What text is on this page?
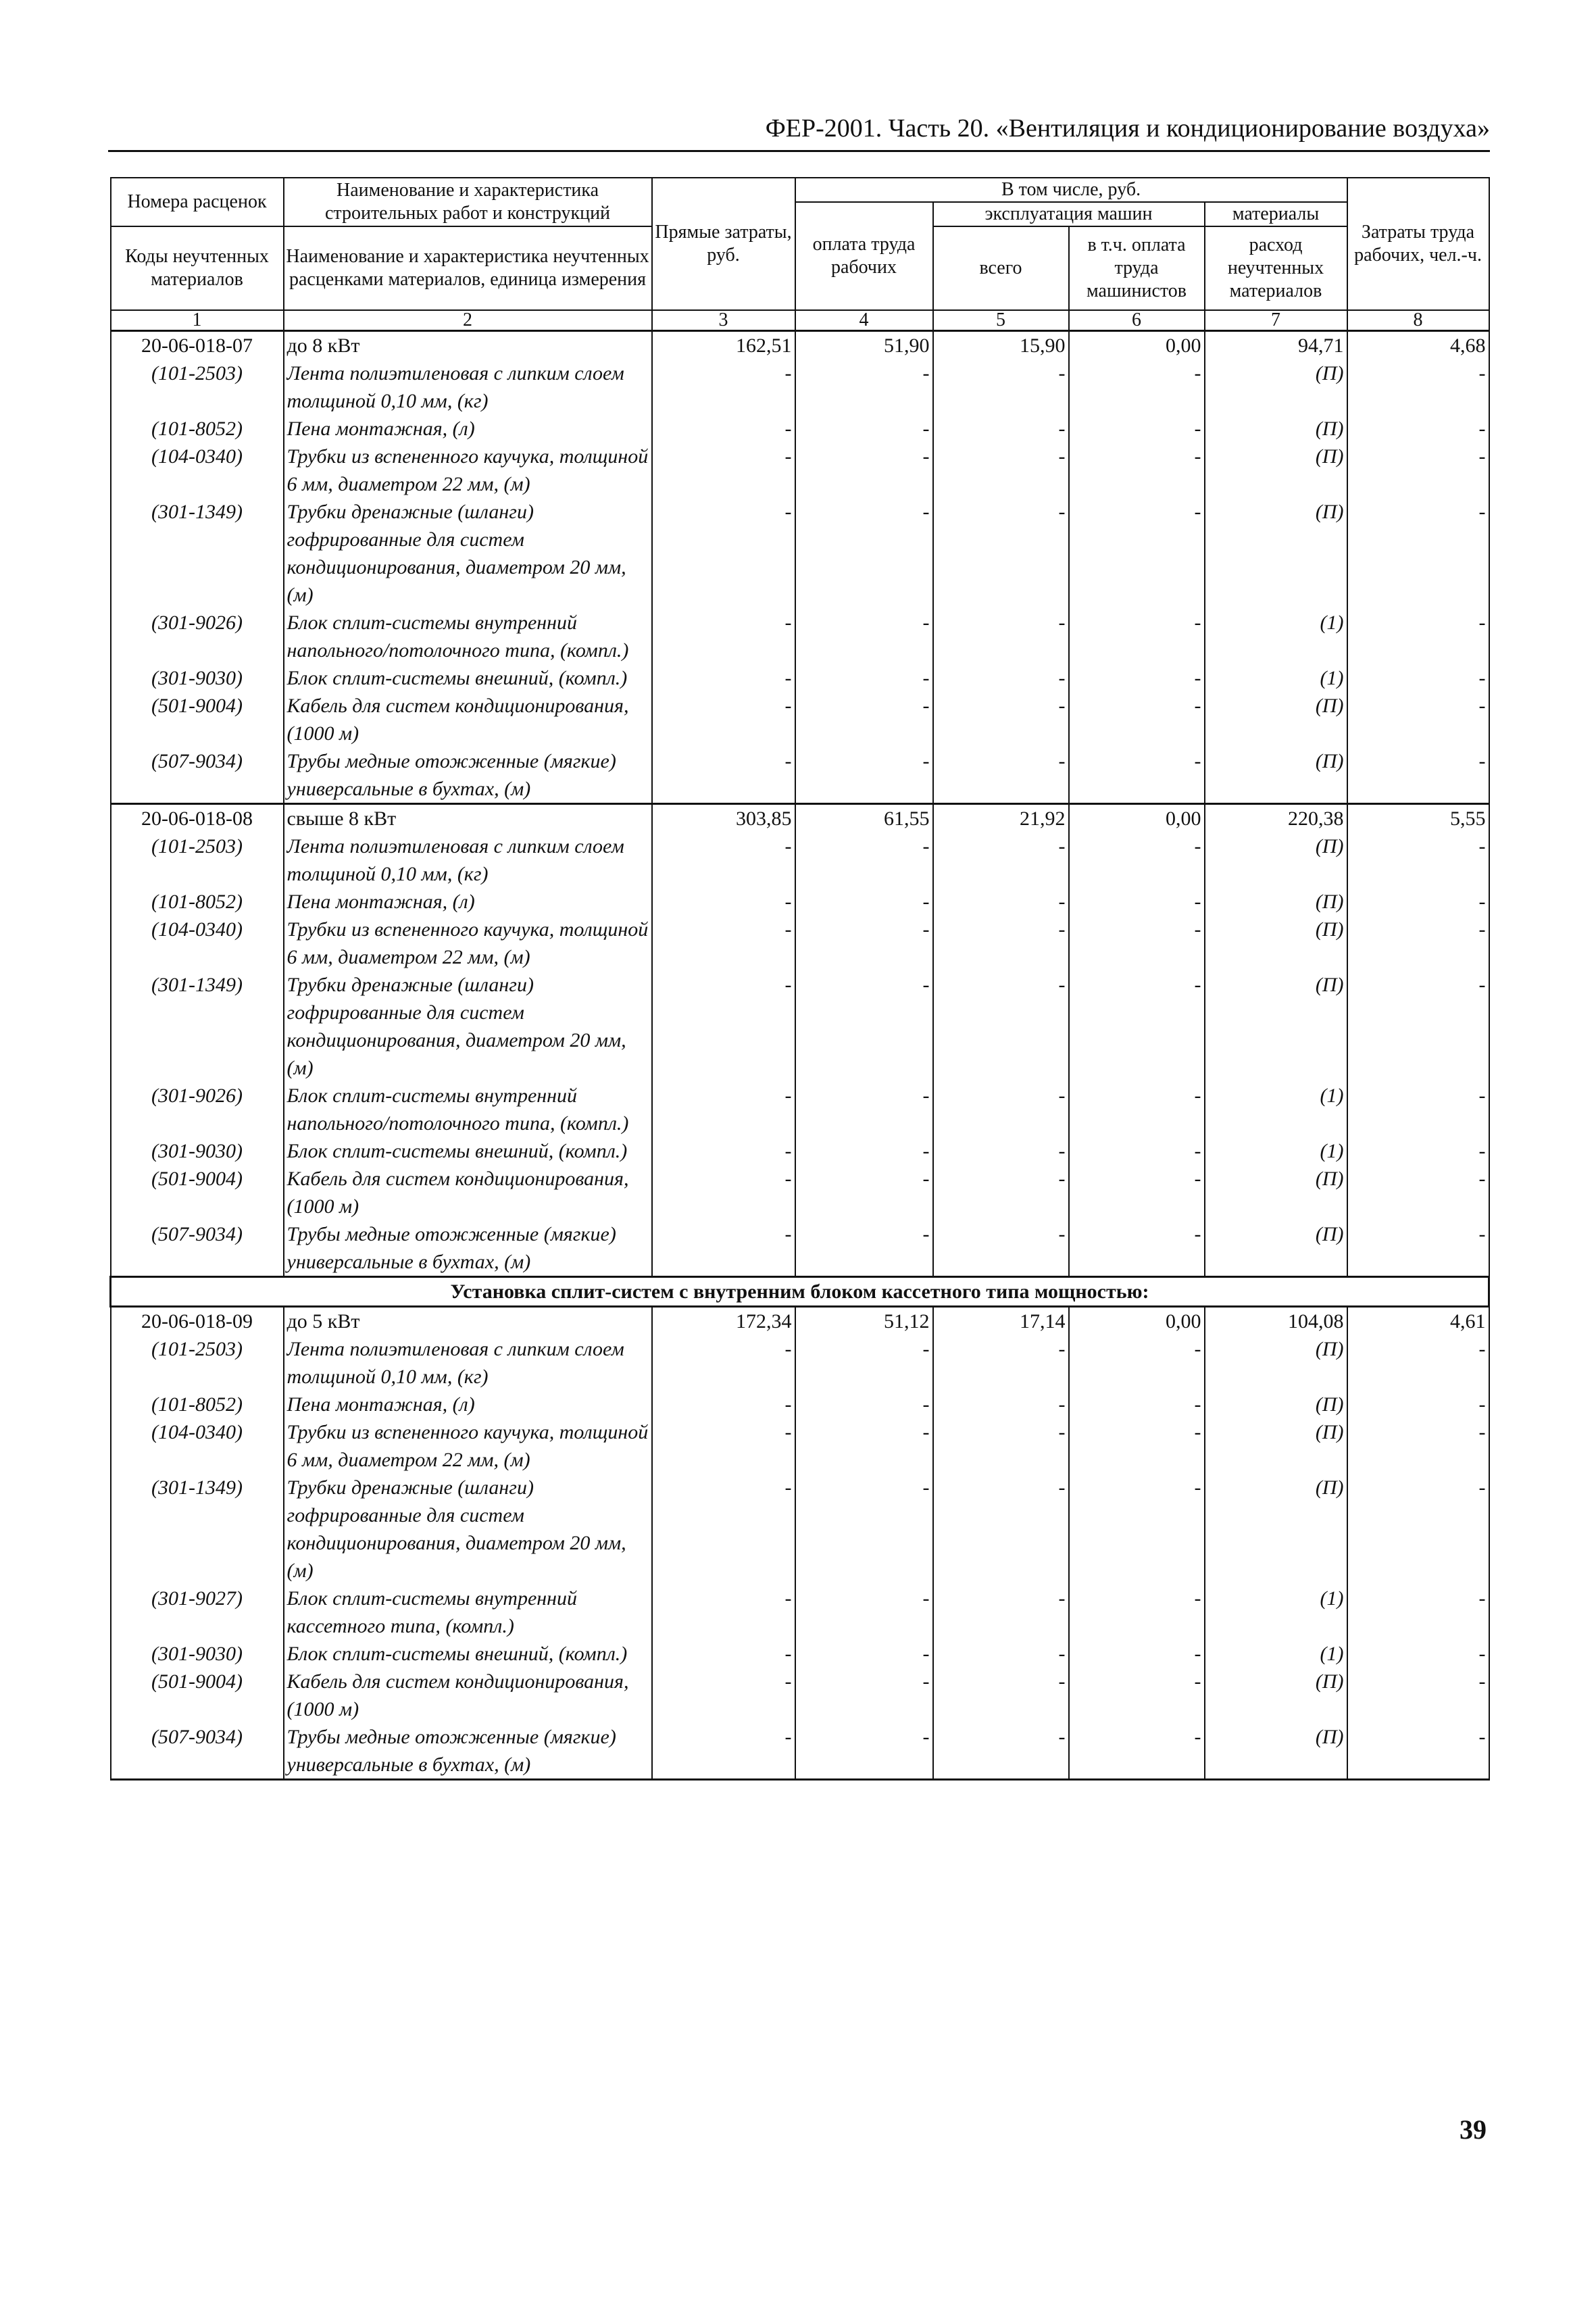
ФЕР-2001. Часть 20. «Вентиляция и кондиционирование воздуха»
Номера расценок	Наименование и характеристика строительных работ и конструкций	Прямые затраты, руб.	В том числе, руб.				Затраты труда рабочих, чел.-ч.
			оплата труда рабочих	эксплуатация машин		материалы	
Коды неучтенных материалов	Наименование и характеристика неучтенных расценками материалов, единица измерения			всего	в т.ч. оплата труда машинистов	расход неучтенных материалов	

1	2	3	4	5	6	7	8
20-06-018-07	до 8 кВт	162,51	51,90	15,90	0,00	94,71	4,68
(101-2503)	Лента полиэтиленовая с липким слоем толщиной 0,10 мм, (кг)	-	-	-	-	(П)	-
(101-8052)	Пена монтажная, (л)	-	-	-	-	(П)	-
(104-0340)	Трубки из вспененного каучука, толщиной 6 мм, диаметром 22 мм, (м)	-	-	-	-	(П)	-
(301-1349)	Трубки дренажные (шланги) гофрированные для систем кондиционирования, диаметром 20 мм, (м)	-	-	-	-	(П)	-
(301-9026)	Блок сплит-системы внутренний напольного/потолочного типа, (компл.)	-	-	-	-	(1)	-
(301-9030)	Блок сплит-системы внешний, (компл.)	-	-	-	-	(1)	-
(501-9004)	Кабель для систем кондиционирования, (1000 м)	-	-	-	-	(П)	-
(507-9034)	Трубы медные отожженные (мягкие) универсальные в бухтах, (м)	-	-	-	-	(П)	-
20-06-018-08	свыше 8 кВт	303,85	61,55	21,92	0,00	220,38	5,55
(101-2503)	Лента полиэтиленовая с липким слоем толщиной 0,10 мм, (кг)	-	-	-	-	(П)	-
(101-8052)	Пена монтажная, (л)	-	-	-	-	(П)	-
(104-0340)	Трубки из вспененного каучука, толщиной 6 мм, диаметром 22 мм, (м)	-	-	-	-	(П)	-
(301-1349)	Трубки дренажные (шланги) гофрированные для систем кондиционирования, диаметром 20 мм, (м)	-	-	-	-	(П)	-
(301-9026)	Блок сплит-системы внутренний напольного/потолочного типа, (компл.)	-	-	-	-	(1)	-
(301-9030)	Блок сплит-системы внешний, (компл.)	-	-	-	-	(1)	-
(501-9004)	Кабель для систем кондиционирования, (1000 м)	-	-	-	-	(П)	-
(507-9034)	Трубы медные отожженные (мягкие) универсальные в бухтах, (м)	-	-	-	-	(П)	-
Установка сплит-систем с внутренним блоком кассетного типа мощностью:							
20-06-018-09	до 5 кВт	172,34	51,12	17,14	0,00	104,08	4,61
(101-2503)	Лента полиэтиленовая с липким слоем толщиной 0,10 мм, (кг)	-	-	-	-	(П)	-
(101-8052)	Пена монтажная, (л)	-	-	-	-	(П)	-
(104-0340)	Трубки из вспененного каучука, толщиной 6 мм, диаметром 22 мм, (м)	-	-	-	-	(П)	-
(301-1349)	Трубки дренажные (шланги) гофрированные для систем кондиционирования, диаметром 20 мм, (м)	-	-	-	-	(П)	-
(301-9027)	Блок сплит-системы внутренний кассетного типа, (компл.)	-	-	-	-	(1)	-
(301-9030)	Блок сплит-системы внешний, (компл.)	-	-	-	-	(1)	-
(501-9004)	Кабель для систем кондиционирования, (1000 м)	-	-	-	-	(П)	-
(507-9034)	Трубы медные отожженные (мягкие) универсальные в бухтах, (м)	-	-	-	-	(П)	-
39
